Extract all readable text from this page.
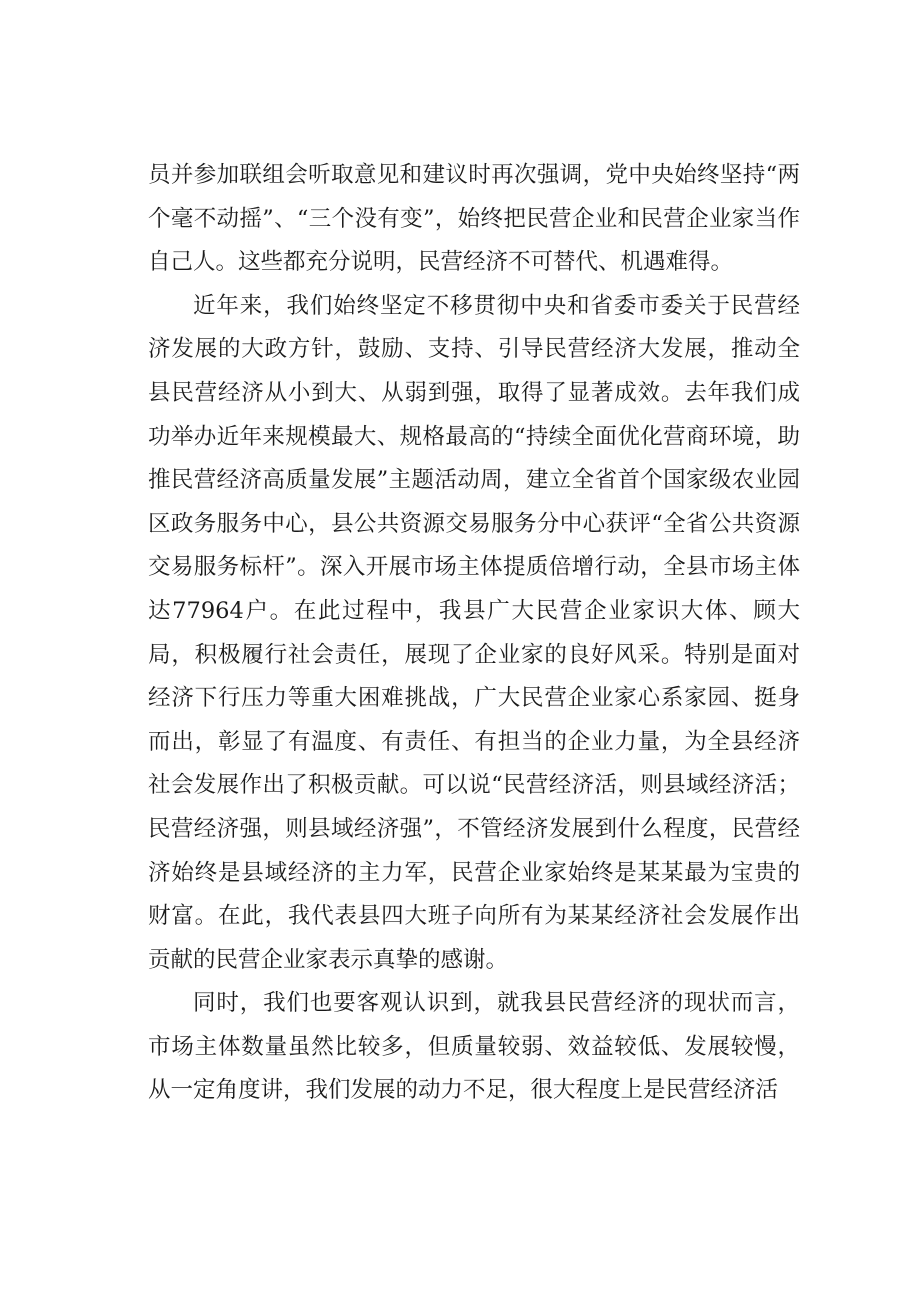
员并参加联组会听取意见和建议时再次强调，党中央始终坚持“两个毫不动摇”、“三个没有变”，始终把民营企业和民营企业家当作自己人。这些都充分说明，民营经济不可替代、机遇难得。

近年来，我们始终坚定不移贯彻中央和省委市委关于民营经济发展的大政方针，鼓励、支持、引导民营经济大发展，推动全县民营经济从小到大、从弱到强，取得了显著成效。去年我们成功举办近年来规模最大、规格最高的“持续全面优化营商环境，助推民营经济高质量发展”主题活动周，建立全省首个国家级农业园区政务服务中心，县公共资源交易服务分中心获评“全省公共资源交易服务标杆”。深入开展市场主体提质倍增行动，全县市场主体达77964户。在此过程中，我县广大民营企业家识大体、顾大局，积极履行社会责任，展现了企业家的良好风采。特别是面对经济下行压力等重大困难挑战，广大民营企业家心系家园、挺身而出，彰显了有温度、有责任、有担当的企业力量，为全县经济社会发展作出了积极贡献。可以说“民营经济活，则县域经济活；民营经济强，则县域经济强”，不管经济发展到什么程度，民营经济始终是县域经济的主力军，民营企业家始终是某某最为宝贵的财富。在此，我代表县四大班子向所有为某某经济社会发展作出贡献的民营企业家表示真挚的感谢。

同时，我们也要客观认识到，就我县民营经济的现状而言，市场主体数量虽然比较多，但质量较弱、效益较低、发展较慢，从一定角度讲，我们发展的动力不足，很大程度上是民营经济活
